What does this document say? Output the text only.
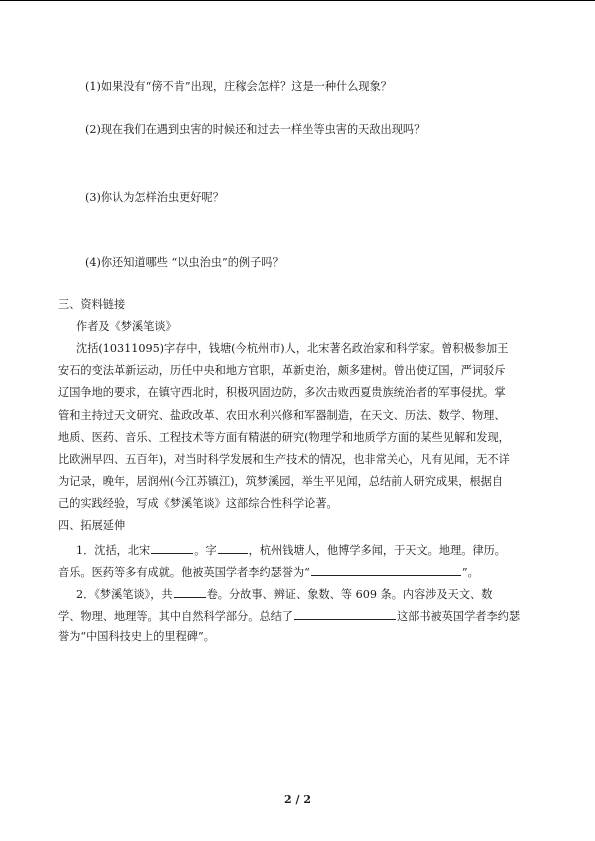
(1)如果没有“傍不肯”出现，庄稼会怎样？这是一种什么现象？
(2)现在我们在遇到虫害的时候还和过去一样坐等虫害的天敌出现吗？
(3)你认为怎样治虫更好呢？
(4)你还知道哪些 “以虫治虫”的例子吗？
三、资料链接
作者及《梦溪笔谈》
沈括(10311095)字存中，钱塘(今杭州市)人，北宋著名政治家和科学家。曾积极参加王
安石的变法革新运动，历任中央和地方官职，革新吏治，颇多建树。曾出使辽国，严词驳斥
辽国争地的要求，在镇守西北时，积极巩固边防，多次击败西夏贵族统治者的军事侵扰。掌
管和主持过天文研究、盐政改革、农田水利兴修和军器制造，在天文、历法、数学、物理、
地质、医药、音乐、工程技术等方面有精湛的研究(物理学和地质学方面的某些见解和发现，
比欧洲早四、五百年)，对当时科学发展和生产技术的情况，也非常关心，凡有见闻，无不详
为记录，晚年，居润州(今江苏镇江)，筑梦溪园，举生平见闻，总结前人研究成果，根据自
己的实践经验，写成《梦溪笔谈》这部综合性科学论著。
四、拓展延伸
1．沈括，北宋	。字	，杭州钱塘人，他博学多闻，于天文。地理。律历。
音乐。医药等多有成就。他被英国学者李约瑟誉为“	”。
2．《梦溪笔谈》，共	卷。分故事、辨证、象数、等 609 条。内容涉及天文、数
学、物理、地理等。其中自然科学部分。总结了	这部书被英国学者李约瑟
誉为“中国科技史上的里程碑”。
2 / 2
